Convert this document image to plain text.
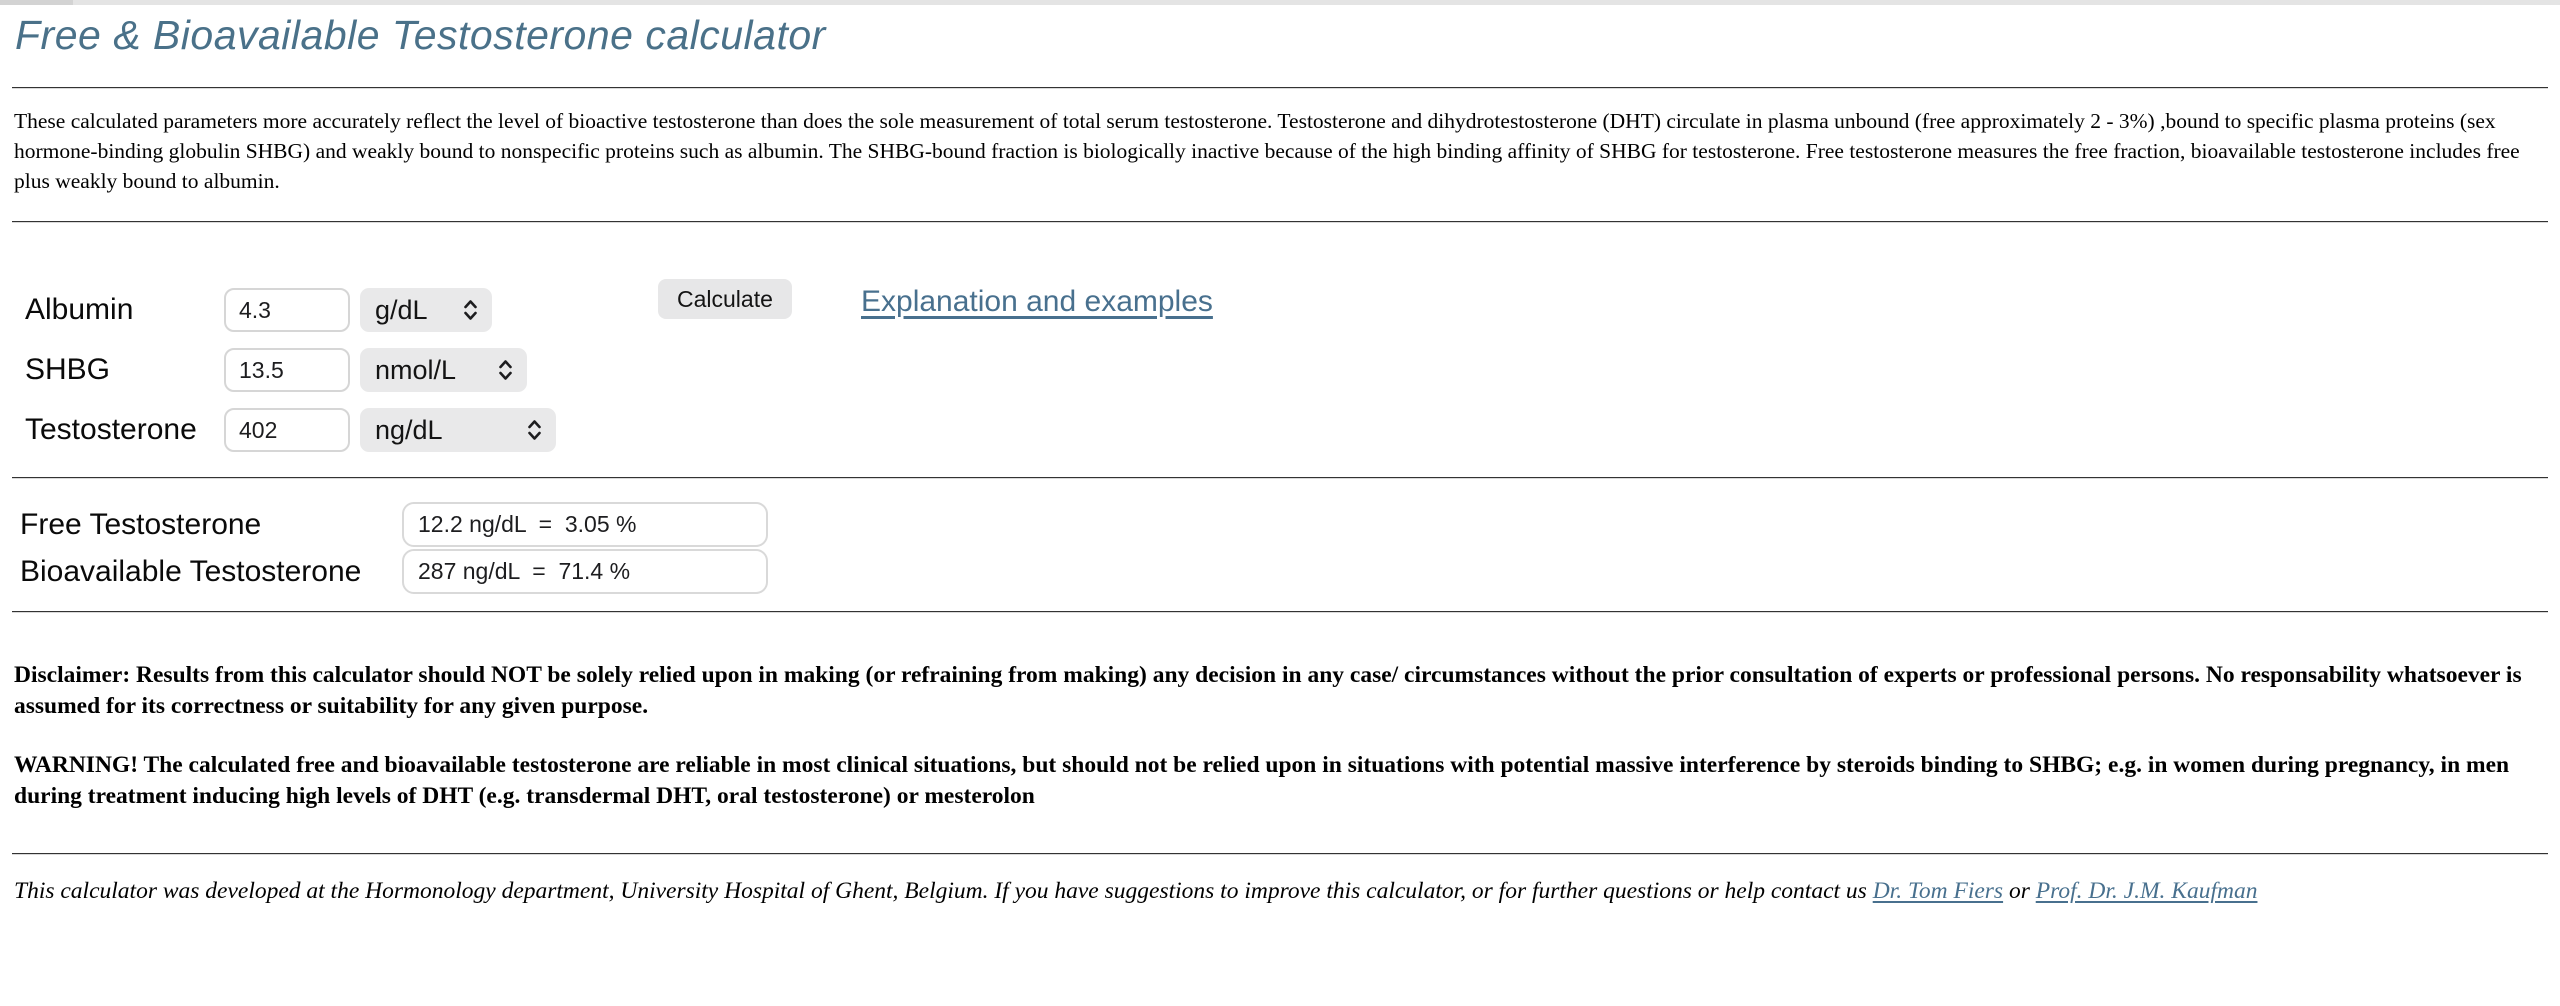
Free & Bioavailable Testosterone calculator

These calculated parameters more accurately reflect the level of bioactive testosterone than does the sole measurement of total serum testosterone. Testosterone and dihydrotestosterone (DHT) circulate in plasma unbound (free approximately 2 - 3%) ,bound to specific plasma proteins (sex hormone-binding globulin SHBG) and weakly bound to nonspecific proteins such as albumin. The SHBG-bound fraction is biologically inactive because of the high binding affinity of SHBG for testosterone. Free testosterone measures the free fraction, bioavailable testosterone includes free plus weakly bound to albumin.

Albumin
4.3	g/dL
SHBG
13.5	nmol/L
Testosterone
402	ng/dL
Calculate	Explanation and examples
Free Testosterone	12.2 ng/dL  =  3.05 %
Bioavailable Testosterone 287 ng/dL  =  71.4 %

Disclaimer: Results from this calculator should NOT be solely relied upon in making (or refraining from making) any decision in any case/ circumstances without the prior consultation of experts or professional persons. No responsability whatsoever is assumed for its correctness or suitability for any given purpose.

WARNING! The calculated free and bioavailable testosterone are reliable in most clinical situations, but should not be relied upon in situations with potential massive interference by steroids binding to SHBG; e.g. in women during pregnancy, in men during treatment inducing high levels of DHT (e.g. transdermal DHT, oral testosterone) or mesterolon

This calculator was developed at the Hormonology department, University Hospital of Ghent, Belgium. If you have suggestions to improve this calculator, or for further questions or help contact us Dr. Tom Fiers or Prof. Dr. J.M. Kaufman
